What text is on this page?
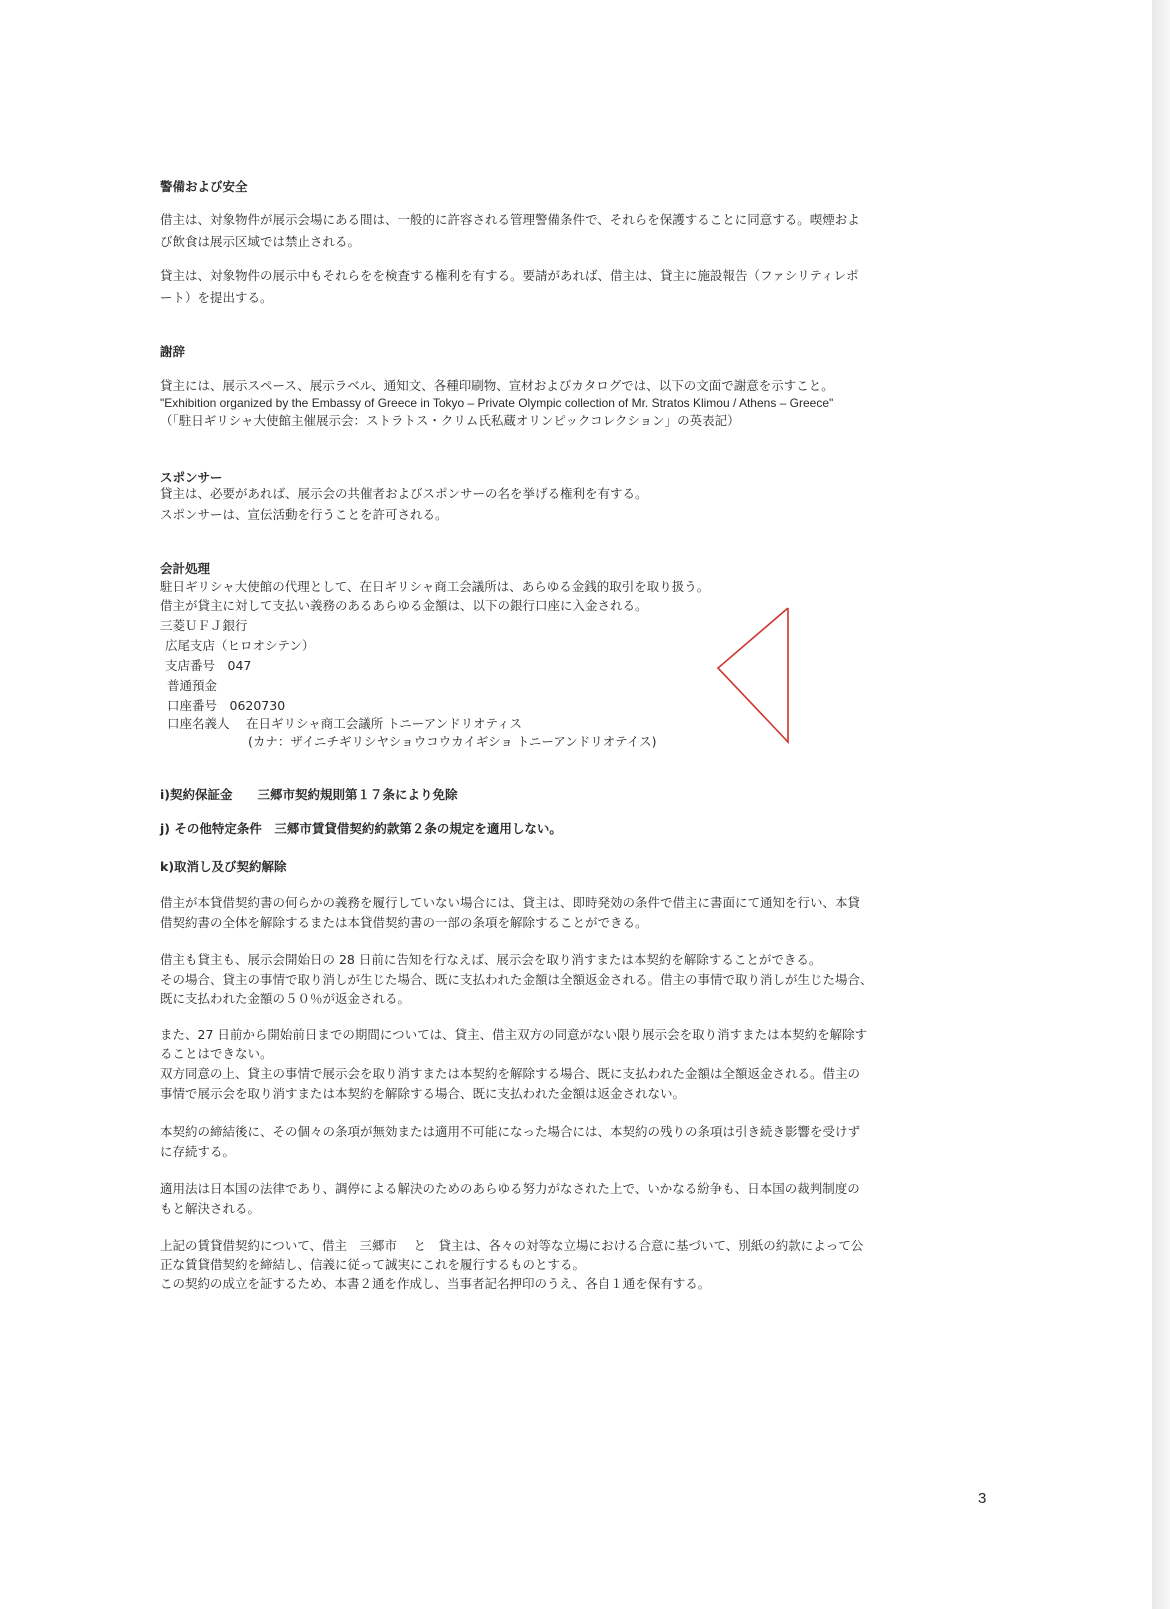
警備および安全
借主は、対象物件が展示会場にある間は、一般的に許容される管理警備条件で、それらを保護することに同意する。喫煙およ
び飲食は展示区域では禁止される。
貸主は、対象物件の展示中もそれらをを検査する権利を有する。要請があれば、借主は、貸主に施設報告（ファシリティレポ
ート）を提出する。
謝辞
貸主には、展示スペース、展示ラベル、通知文、各種印刷物、宣材およびカタログでは、以下の文面で謝意を示すこと。
"Exhibition organized by the Embassy of Greece in Tokyo – Private Olympic collection of Mr. Stratos Klimou / Athens – Greece"
（「駐日ギリシャ大使館主催展示会：ストラトス・クリム氏私蔵オリンピックコレクション」の英表記）
スポンサー
貸主は、必要があれば、展示会の共催者およびスポンサーの名を挙げる権利を有する。
スポンサーは、宣伝活動を行うことを許可される。
会計処理
駐日ギリシャ大使館の代理として、在日ギリシャ商工会議所は、あらゆる金銭的取引を取り扱う。
借主が貸主に対して支払い義務のあるあらゆる金額は、以下の銀行口座に入金される。
三菱ＵＦＪ銀行
広尾支店（ヒロオシテン）
支店番号　047
普通預金
口座番号　0620730
口座名義人　 在日ギリシャ商工会議所 トニーアンドリオティス
(カナ：ザイニチギリシヤショウコウカイギショ トニーアンドリオテイス)
i)契約保証金　　三郷市契約規則第１７条により免除
j) その他特定条件　三郷市賃貸借契約約款第２条の規定を適用しない。
k)取消し及び契約解除
借主が本貸借契約書の何らかの義務を履行していない場合には、貸主は、即時発効の条件で借主に書面にて通知を行い、本貸
借契約書の全体を解除するまたは本貸借契約書の一部の条項を解除することができる。
借主も貸主も、展示会開始日の 28 日前に告知を行なえば、展示会を取り消すまたは本契約を解除することができる。
その場合、貸主の事情で取り消しが生じた場合、既に支払われた金額は全額返金される。借主の事情で取り消しが生じた場合、
既に支払われた金額の５０％が返金される。
また、27 日前から開始前日までの期間については、貸主、借主双方の同意がない限り展示会を取り消すまたは本契約を解除す
ることはできない。
双方同意の上、貸主の事情で展示会を取り消すまたは本契約を解除する場合、既に支払われた金額は全額返金される。借主の
事情で展示会を取り消すまたは本契約を解除する場合、既に支払われた金額は返金されない。
本契約の締結後に、その個々の条項が無効または適用不可能になった場合には、本契約の残りの条項は引き続き影響を受けず
に存続する。
適用法は日本国の法律であり、調停による解決のためのあらゆる努力がなされた上で、いかなる紛争も、日本国の裁判制度の
もと解決される。
上記の賃貸借契約について、借主　三郷市　 と　貸主は、各々の対等な立場における合意に基づいて、別紙の約款によって公
正な賃貸借契約を締結し、信義に従って誠実にこれを履行するものとする。
この契約の成立を証するため、本書２通を作成し、当事者記名押印のうえ、各自１通を保有する。
3
